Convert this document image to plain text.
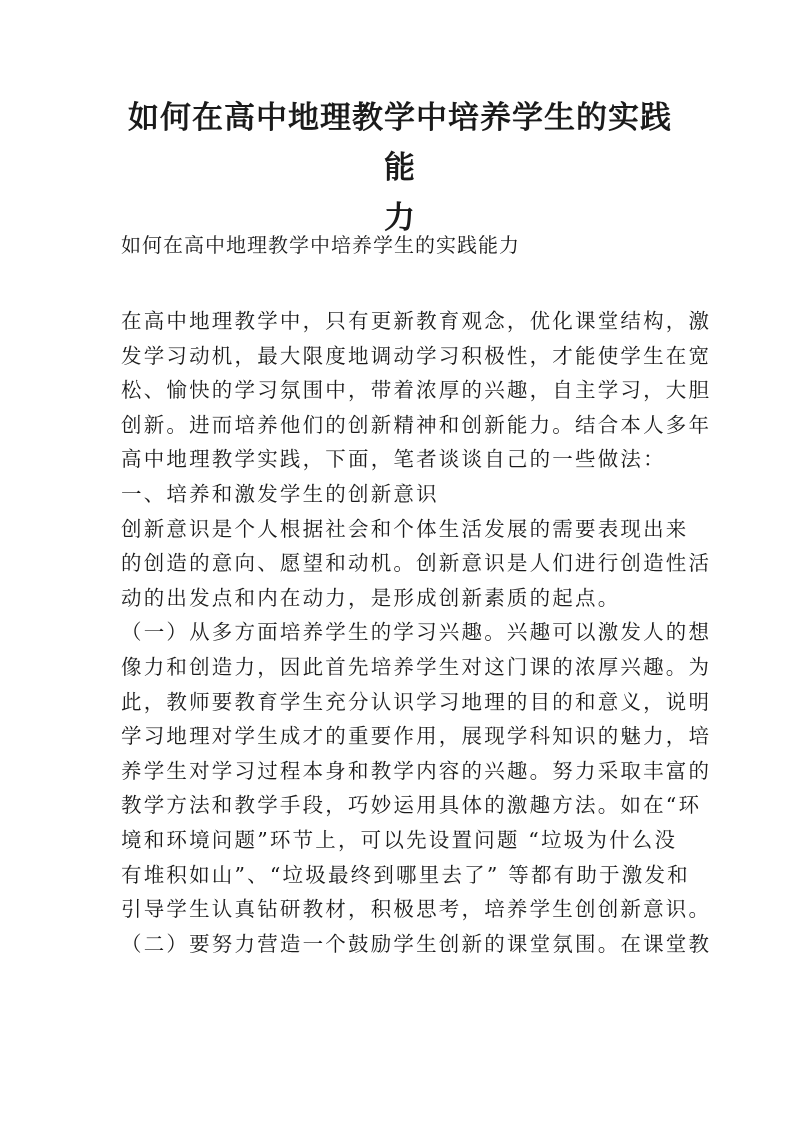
如何在高中地理教学中培养学生的实践能
力

如何在高中地理教学中培养学生的实践能力

在高中地理教学中，只有更新教育观念，优化课堂结构，激
发学习动机，最大限度地调动学习积极性，才能使学生在宽
松、愉快的学习氛围中，带着浓厚的兴趣，自主学习，大胆
创新。进而培养他们的创新精神和创新能力。结合本人多年
高中地理教学实践，下面，笔者谈谈自己的一些做法：
一、培养和激发学生的创新意识
创新意识是个人根据社会和个体生活发展的需要表现出来
的创造的意向、愿望和动机。创新意识是人们进行创造性活
动的出发点和内在动力，是形成创新素质的起点。
（一）从多方面培养学生的学习兴趣。兴趣可以激发人的想
像力和创造力，因此首先培养学生对这门课的浓厚兴趣。为
此，教师要教育学生充分认识学习地理的目的和意义，说明
学习地理对学生成才的重要作用，展现学科知识的魅力，培
养学生对学习过程本身和教学内容的兴趣。努力采取丰富的
教学方法和教学手段，巧妙运用具体的激趣方法。如在“环
境和环境问题”环节上，可以先设置问题 “垃圾为什么没
有堆积如山”、“垃圾最终到哪里去了” 等都有助于激发和
引导学生认真钻研教材，积极思考，培养学生创创新意识。
（二）要努力营造一个鼓励学生创新的课堂氛围。在课堂教
